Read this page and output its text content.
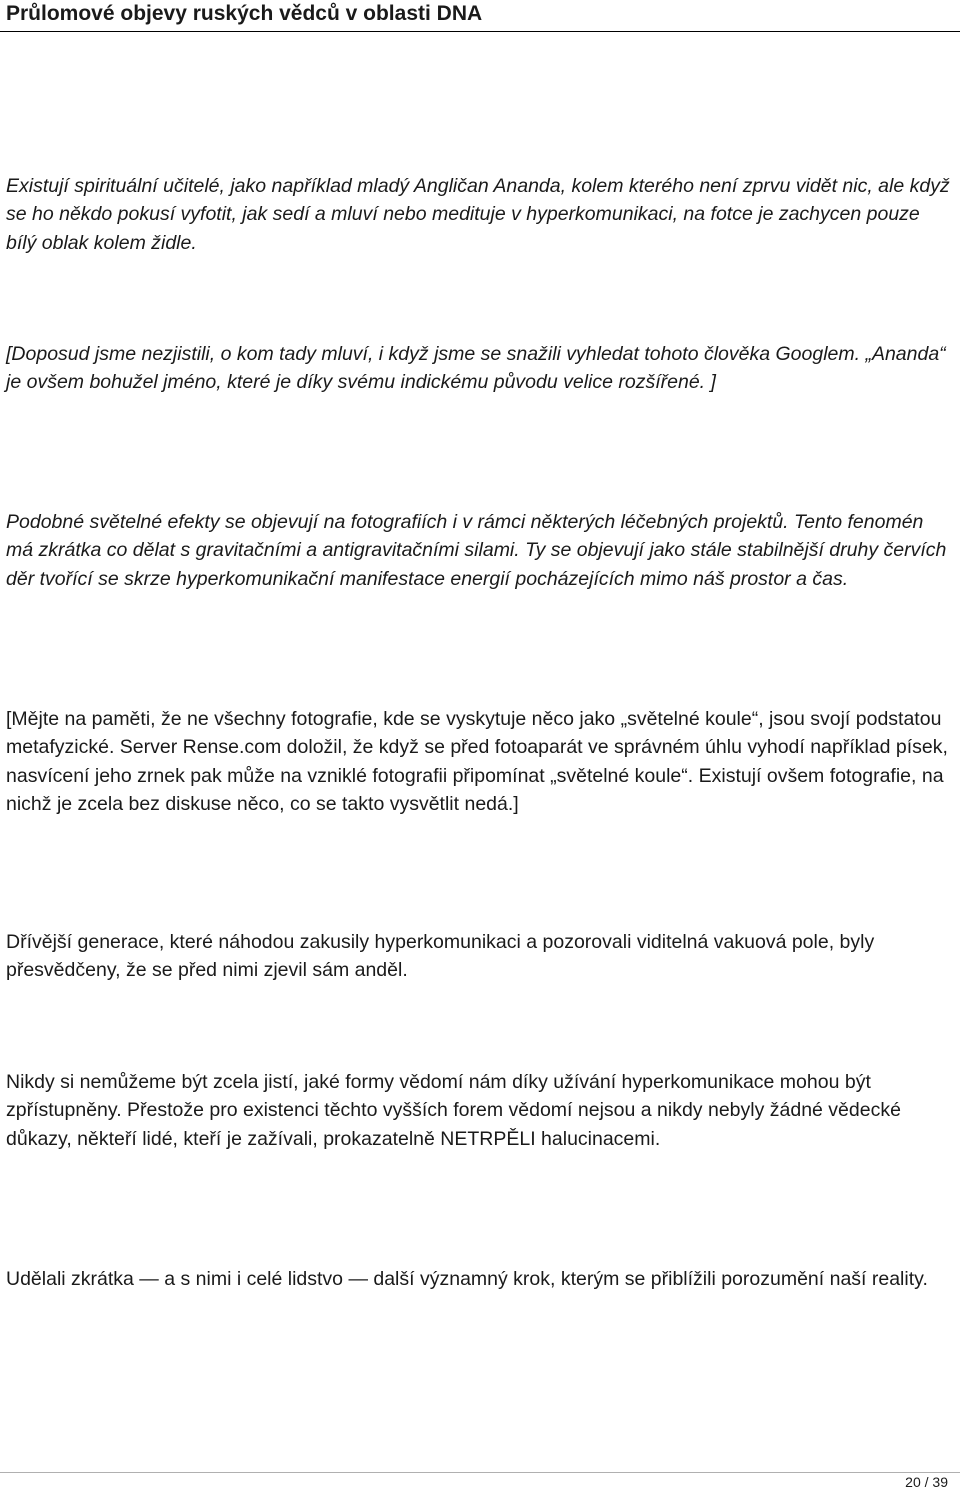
Průlomové objevy ruských vědců v oblasti DNA

Existují spirituální učitelé, jako například mladý Angličan Ananda, kolem kterého není zprvu vidět nic, ale když se ho někdo pokusí vyfotit, jak sedí a mluví nebo medituje v hyperkomunikaci, na fotce je zachycen pouze bílý oblak kolem židle.

[Doposud jsme nezjistili, o kom tady mluví, i když jsme se snažili vyhledat tohoto člověka Googlem. „Ananda“ je ovšem bohužel jméno, které je díky svému indickému původu velice rozšířené. ]

Podobné světelné efekty se objevují na fotografiích i v rámci některých léčebných projektů. Tento fenomén má zkrátka co dělat s gravitačními a antigravitačními silami. Ty se objevují jako stále stabilnější druhy červích děr tvořící se skrze hyperkomunikační manifestace energií pocházejících mimo náš prostor a čas.

[Mějte na paměti, že ne všechny fotografie, kde se vyskytuje něco jako „světelné koule“, jsou svojí podstatou metafyzické. Server Rense.com doložil, že když se před fotoaparát ve správném úhlu vyhodí například písek, nasvícení jeho zrnek pak může na vzniklé fotografii připomínat „světelné koule“. Existují ovšem fotografie, na nichž je zcela bez diskuse něco, co se takto vysvětlit nedá.]

Dřívější generace, které náhodou zakusily hyperkomunikaci a pozorovali viditelná vakuová pole, byly přesvědčeny, že se před nimi zjevil sám anděl.

Nikdy si nemůžeme být zcela jistí, jaké formy vědomí nám díky užívání hyperkomunikace mohou být zpřístupněny. Přestože pro existenci těchto vyšších forem vědomí nejsou a nikdy nebyly žádné vědecké důkazy, někteří lidé, kteří je zažívali, prokazatelně NETRPĚLI halucinacemi.

Udělali zkrátka — a s nimi i celé lidstvo — další významný krok, kterým se přiblížili porozumění naší reality.

20 / 39
